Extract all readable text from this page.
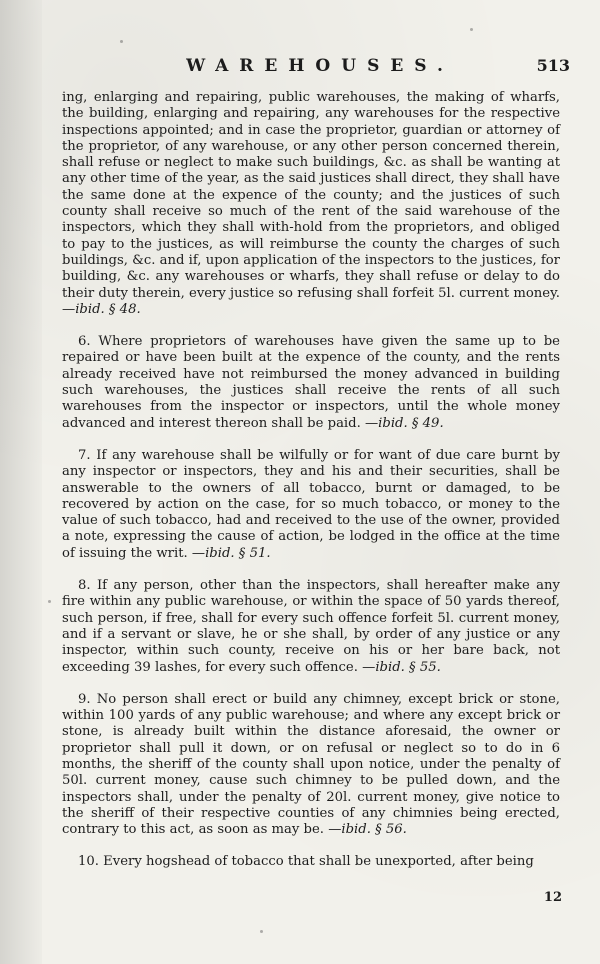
WAREHOUSES.	513

ing, enlarging and repairing, public warehouses, the making of wharfs, the building, enlarging and repairing, any warehouses for the respective inspections appointed; and in case the proprietor, guardian or attorney of the proprietor, of any warehouse, or any other person concerned therein, shall refuse or neglect to make such buildings, &c. as shall be wanting at any other time of the year, as the said justices shall direct, they shall have the same done at the expence of the county; and the justices of such county shall receive so much of the rent of the said warehouse of the inspectors, which they shall with-hold from the proprietors, and obliged to pay to the justices, as will reimburse the county the charges of such buildings, &c. and if, upon application of the inspectors to the justices, for building, &c. any warehouses or wharfs, they shall refuse or delay to do their duty therein, every justice so refusing shall forfeit 5l. current money. —ibid. § 48.

6. Where proprietors of warehouses have given the same up to be repaired or have been built at the expence of the county, and the rents already received have not reimbursed the money advanced in building such warehouses, the justices shall receive the rents of all such warehouses from the inspector or inspectors, until the whole money advanced and interest thereon shall be paid. —ibid. § 49.

7. If any warehouse shall be wilfully or for want of due care burnt by any inspector or inspectors, they and his and their securities, shall be answerable to the owners of all tobacco, burnt or damaged, to be recovered by action on the case, for so much tobacco, or money to the value of such tobacco, had and received to the use of the owner, provided a note, expressing the cause of action, be lodged in the office at the time of issuing the writ. —ibid. § 51.

8. If any person, other than the inspectors, shall hereafter make any fire within any public warehouse, or within the space of 50 yards thereof, such person, if free, shall for every such offence forfeit 5l. current money, and if a servant or slave, he or she shall, by order of any justice or any inspector, within such county, receive on his or her bare back, not exceeding 39 lashes, for every such offence. —ibid. § 55.

9. No person shall erect or build any chimney, except brick or stone, within 100 yards of any public warehouse; and where any except brick or stone, is already built within the distance aforesaid, the owner or proprietor shall pull it down, or on refusal or neglect so to do in 6 months, the sheriff of the county shall upon notice, under the penalty of 50l. current money, cause such chimney to be pulled down, and the inspectors shall, under the penalty of 20l. current money, give notice to the sheriff of their respective counties of any chimnies being erected, contrary to this act, as soon as may be. —ibid. § 56.

10. Every hogshead of tobacco that shall be unexported, after being

12
